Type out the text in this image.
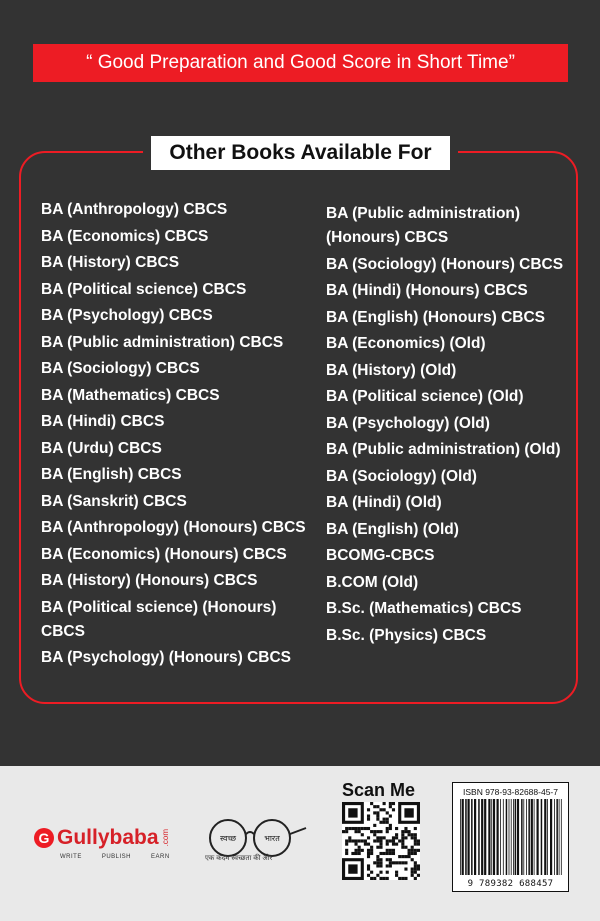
“ Good Preparation and Good Score in Short Time”
Other Books Available For
BA (Anthropology) CBCS
BA (Economics) CBCS
BA (History) CBCS
BA (Political science) CBCS
BA (Psychology) CBCS
BA (Public administration) CBCS
BA (Sociology) CBCS
BA (Mathematics) CBCS
BA (Hindi) CBCS
BA (Urdu) CBCS
BA (English) CBCS
BA (Sanskrit) CBCS
BA (Anthropology) (Honours) CBCS
BA (Economics) (Honours) CBCS
BA (History) (Honours) CBCS
BA (Political science) (Honours) CBCS
BA (Psychology) (Honours) CBCS
BA (Public administration) (Honours) CBCS
BA (Sociology) (Honours) CBCS
BA (Hindi) (Honours) CBCS
BA (English) (Honours) CBCS
BA (Economics) (Old)
BA (History) (Old)
BA (Political science) (Old)
BA (Psychology) (Old)
BA (Public administration) (Old)
BA (Sociology) (Old)
BA (Hindi) (Old)
BA (English) (Old)
BCOMG-CBCS
B.COM (Old)
B.Sc. (Mathematics) CBCS
B.Sc. (Physics) CBCS
G Gullybaba .com
WRITE	PUBLISH	EARN
स्वच्छ	भारत
एक कदम स्वच्छता की ओर
Scan Me	ISBN 978-93-82688-45-7
9 789382 688457
